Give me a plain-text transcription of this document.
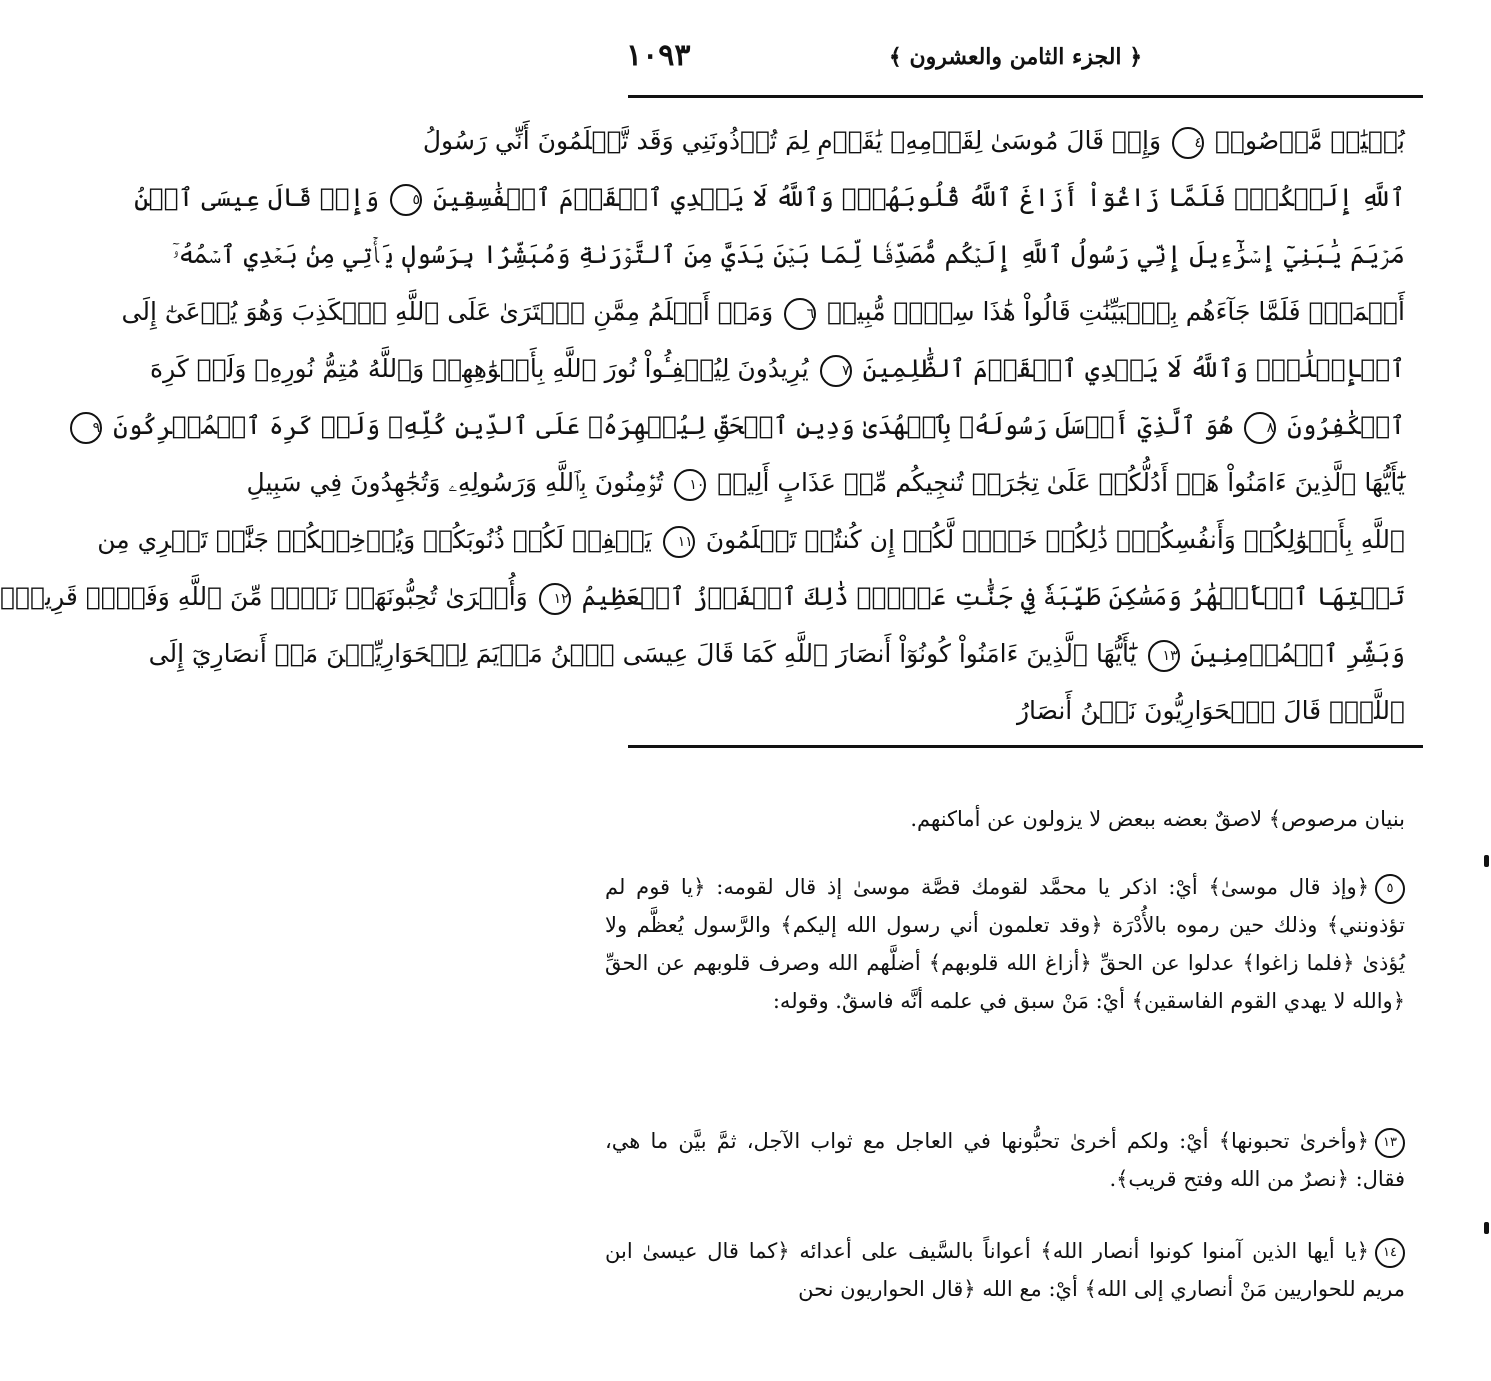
١٠٩٣	﴿ الجزء الثامن والعشرون ﴾
بُنۡيَٰنٞ مَّرۡصُوصٞ ٤ وَإِذۡ قَالَ مُوسَىٰ لِقَوۡمِهِۦ يَٰقَوۡمِ لِمَ تُؤۡذُونَنِي وَقَد تَّعۡلَمُونَ أَنِّي رَسُولُ
ٱللَّهِ إِلَيۡكُمۡۖ فَلَمَّا زَاغُوٓاْ أَزَاغَ ٱللَّهُ قُلُوبَهُمۡۚ وَٱللَّهُ لَا يَهۡدِي ٱلۡقَوۡمَ ٱلۡفَٰسِقِينَ ٥ وَإِذۡ قَالَ عِيسَى ٱبۡنُ
مَرۡيَمَ يَٰبَنِيٓ إِسۡرَٰٓءِيلَ إِنِّي رَسُولُ ٱللَّهِ إِلَيۡكُم مُّصَدِّقٗا لِّمَا بَيۡنَ يَدَيَّ مِنَ ٱلتَّوۡرَىٰةِ وَمُبَشِّرَۢا بِرَسُولٖ يَأۡتِي مِنۢ بَعۡدِي ٱسۡمُهُۥٓ
أَحۡمَدُۖ فَلَمَّا جَآءَهُم بِٱلۡبَيِّنَٰتِ قَالُواْ هَٰذَا سِحۡرٞ مُّبِينٞ ٦ وَمَنۡ أَظۡلَمُ مِمَّنِ ٱفۡتَرَىٰ عَلَى ٱللَّهِ ٱلۡكَذِبَ وَهُوَ يُدۡعَىٰٓ إِلَى
ٱلۡإِسۡلَٰمِۚ وَٱللَّهُ لَا يَهۡدِي ٱلۡقَوۡمَ ٱلظَّٰلِمِينَ ٧ يُرِيدُونَ لِيُطۡفِـُٔواْ نُورَ ٱللَّهِ بِأَفۡوَٰهِهِمۡ وَٱللَّهُ مُتِمُّ نُورِهِۦ وَلَوۡ كَرِهَ
ٱلۡكَٰفِرُونَ ٨ هُوَ ٱلَّذِيٓ أَرۡسَلَ رَسُولَهُۥ بِٱلۡهُدَىٰ وَدِينِ ٱلۡحَقِّ لِيُظۡهِرَهُۥ عَلَى ٱلدِّينِ كُلِّهِۦ وَلَوۡ كَرِهَ ٱلۡمُشۡرِكُونَ ٩
يَٰٓأَيُّهَا ٱلَّذِينَ ءَامَنُواْ هَلۡ أَدُلُّكُمۡ عَلَىٰ تِجَٰرَةٖ تُنجِيكُم مِّنۡ عَذَابٍ أَلِيمٖ ١٠ تُؤۡمِنُونَ بِٱللَّهِ وَرَسُولِهِۦ وَتُجَٰهِدُونَ فِي سَبِيلِ
ٱللَّهِ بِأَمۡوَٰلِكُمۡ وَأَنفُسِكُمۡۚ ذَٰلِكُمۡ خَيۡرٞ لَّكُمۡ إِن كُنتُمۡ تَعۡلَمُونَ ١١ يَغۡفِرۡ لَكُمۡ ذُنُوبَكُمۡ وَيُدۡخِلۡكُمۡ جَنَّٰتٖ تَجۡرِي مِن
تَحۡتِهَا ٱلۡأَنۡهَٰرُ وَمَسَٰكِنَ طَيِّبَةٗ فِي جَنَّٰتِ عَدۡنٖۚ ذَٰلِكَ ٱلۡفَوۡزُ ٱلۡعَظِيمُ ١٢ وَأُخۡرَىٰ تُحِبُّونَهَاۖ نَصۡرٞ مِّنَ ٱللَّهِ وَفَتۡحٞ قَرِيبٞۗ
وَبَشِّرِ ٱلۡمُؤۡمِنِينَ ١٣ يَٰٓأَيُّهَا ٱلَّذِينَ ءَامَنُواْ كُونُوٓاْ أَنصَارَ ٱللَّهِ كَمَا قَالَ عِيسَى ٱبۡنُ مَرۡيَمَ لِلۡحَوَارِيِّـۧنَ مَنۡ أَنصَارِيٓ إِلَى
ٱللَّهِۖ قَالَ ٱلۡحَوَارِيُّونَ نَحۡنُ أَنصَارُ

بنيان مرصوص﴾ لاصقٌ بعضه ببعض لا يزولون عن أماكنهم.

٥﴿وإذ قال موسىٰ﴾ أيْ: اذكر يا محمَّد لقومك قصَّة موسىٰ إذ قال لقومه: ﴿يا قوم لم تؤذونني﴾ وذلك حين رموه بالأُدْرَة ﴿وقد تعلمون أني رسول الله إليكم﴾ والرَّسول يُعظَّم ولا يُؤذىٰ ﴿فلما زاغوا﴾ عدلوا عن الحقِّ ﴿أزاغ الله قلوبهم﴾ أضلَّهم الله وصرف قلوبهم عن الحقِّ ﴿والله لا يهدي القوم الفاسقين﴾ أيْ: مَنْ سبق في علمه أنَّه فاسقٌ. وقوله:

١٣﴿وأخرىٰ تحبونها﴾ أيْ: ولكم أخرىٰ تحبُّونها في العاجل مع ثواب الآجل، ثمَّ بيَّن ما هي، فقال: ﴿نصرٌ من الله وفتح قريب﴾.

١٤﴿يا أيها الذين آمنوا كونوا أنصار الله﴾ أعواناً بالسَّيف على أعدائه ﴿كما قال عيسىٰ ابن مريم للحواريين مَنْ أنصاري إلى الله﴾ أيْ: مع الله ﴿قال الحواريون نحن
